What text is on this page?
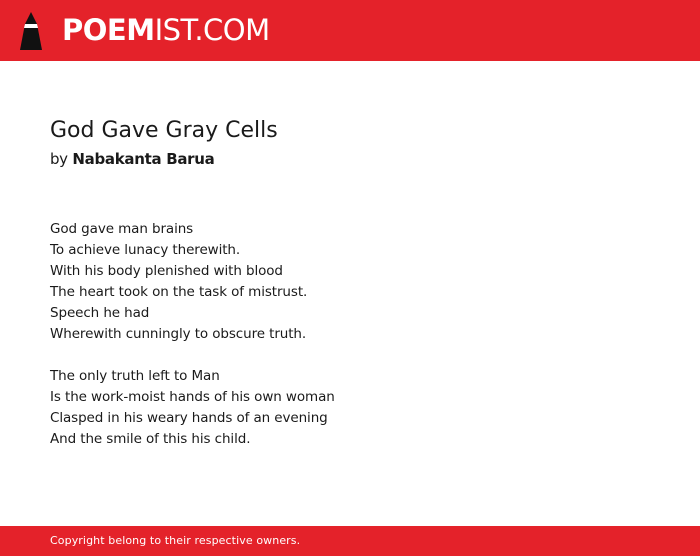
POEMIST.COM
God Gave Gray Cells
by Nabakanta Barua

God gave man brains
To achieve lunacy therewith.
With his body plenished with blood
The heart took on the task of mistrust.
Speech he had
Wherewith cunningly to obscure truth.

The only truth left to Man
Is the work-moist hands of his own woman
Clasped in his weary hands of an evening
And the smile of this his child.

Copyright belong to their respective owners.
